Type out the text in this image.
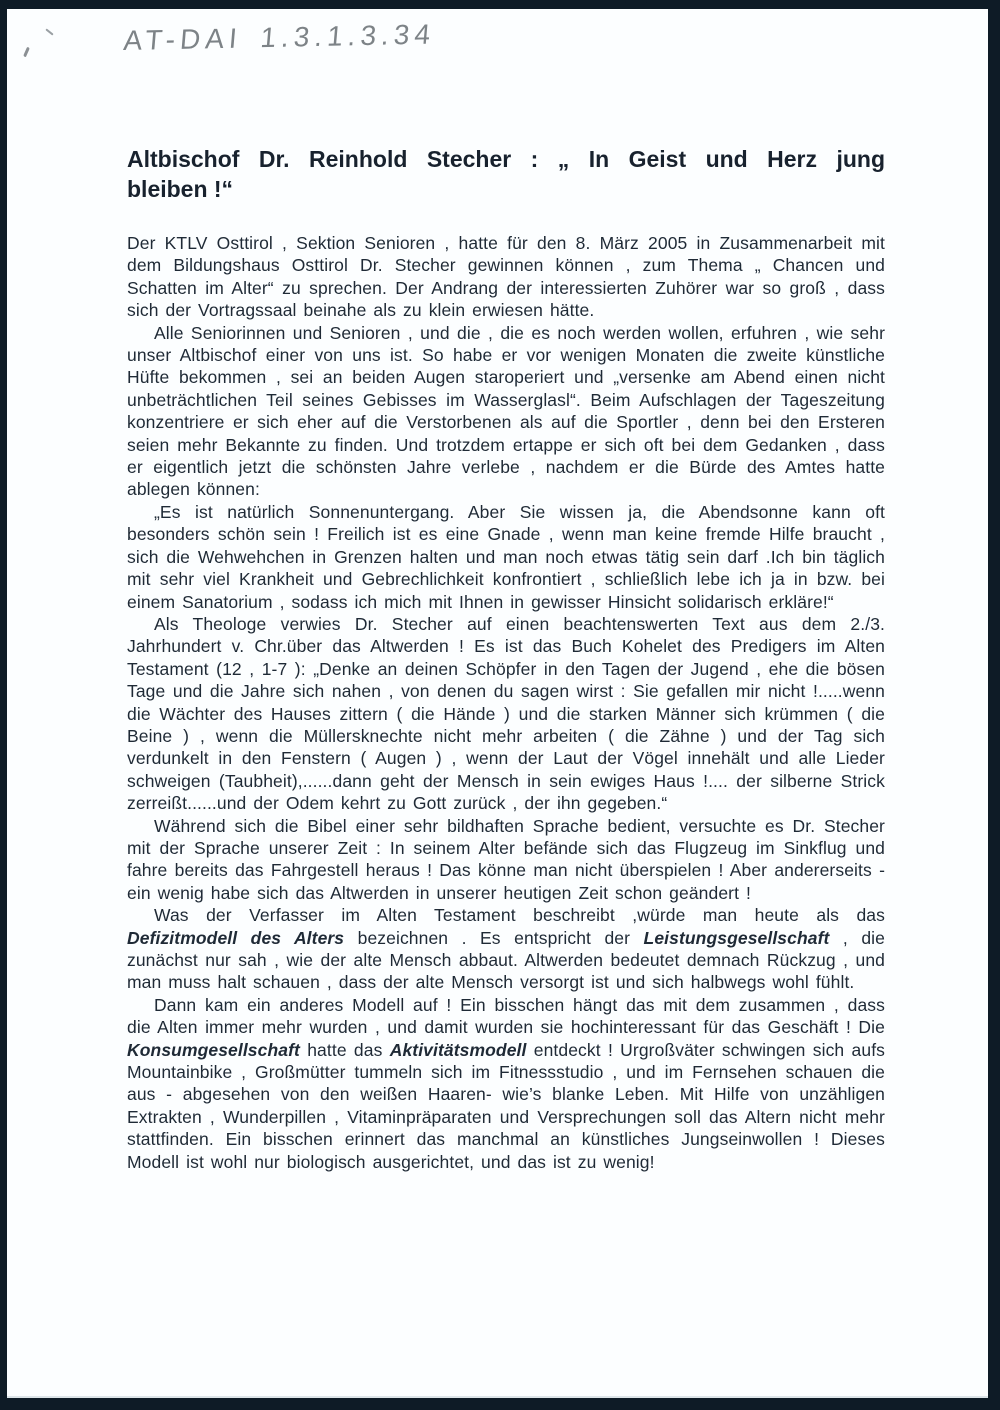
AT-DAI 1.3.1.3.34
Altbischof Dr. Reinhold Stecher : „ In Geist und Herz jung
bleiben !“

Der KTLV Osttirol , Sektion Senioren , hatte für den 8. März 2005 in Zusammenarbeit mit dem Bildungshaus Osttirol Dr. Stecher gewinnen können , zum Thema „ Chancen und Schatten im Alter“ zu sprechen. Der Andrang der interessierten Zuhörer war so groß , dass sich der Vortragssaal beinahe als zu klein erwiesen hätte.

Alle Seniorinnen und Senioren , und die , die es noch werden wollen, erfuhren , wie sehr unser Altbischof einer von uns ist. So habe er vor wenigen Monaten die zweite künstliche Hüfte bekommen , sei an beiden Augen staroperiert und „versenke am Abend einen nicht unbeträchtlichen Teil seines Gebisses im Wasserglasl“. Beim Aufschlagen der Tageszeitung konzentriere er sich eher auf die Verstorbenen als auf die Sportler , denn bei den Ersteren seien mehr Bekannte zu finden. Und trotzdem ertappe er sich oft bei dem Gedanken , dass er eigentlich jetzt die schönsten Jahre verlebe , nachdem er die Bürde des Amtes hatte ablegen können:

„Es ist natürlich Sonnenuntergang. Aber Sie wissen ja, die Abendsonne kann oft besonders schön sein ! Freilich ist es eine Gnade , wenn man keine fremde Hilfe braucht , sich die Wehwehchen in Grenzen halten und man noch etwas tätig sein darf .Ich bin täglich mit sehr viel Krankheit und Gebrechlichkeit konfrontiert , schließlich lebe ich ja in bzw. bei einem Sanatorium , sodass ich mich mit Ihnen in gewisser Hinsicht solidarisch erkläre!“

Als Theologe verwies Dr. Stecher auf einen beachtenswerten Text aus dem 2./3. Jahrhundert v. Chr.über das Altwerden ! Es ist das Buch Kohelet des Predigers im Alten Testament (12 , 1-7 ): „Denke an deinen Schöpfer in den Tagen der Jugend , ehe die bösen Tage und die Jahre sich nahen , von denen du sagen wirst : Sie gefallen mir nicht !.....wenn die Wächter des Hauses zittern ( die Hände ) und die starken Männer sich krümmen ( die Beine ) , wenn die Müllersknechte nicht mehr arbeiten ( die Zähne ) und der Tag sich verdunkelt in den Fenstern ( Augen ) , wenn der Laut der Vögel innehält und alle Lieder schweigen (Taubheit),......dann geht der Mensch in sein ewiges Haus !.... der silberne Strick zerreißt......und der Odem kehrt zu Gott zurück , der ihn gegeben.“

Während sich die Bibel einer sehr bildhaften Sprache bedient, versuchte es Dr. Stecher mit der Sprache unserer Zeit : In seinem Alter befände sich das Flugzeug im Sinkflug und fahre bereits das Fahrgestell heraus ! Das könne man nicht überspielen ! Aber andererseits - ein wenig habe sich das Altwerden in unserer heutigen Zeit schon geändert !

Was der Verfasser im Alten Testament beschreibt ,würde man heute als das Defizitmodell des Alters bezeichnen . Es entspricht der Leistungsgesellschaft , die zunächst nur sah , wie der alte Mensch abbaut. Altwerden bedeutet demnach Rückzug , und man muss halt schauen , dass der alte Mensch versorgt ist und sich halbwegs wohl fühlt.

Dann kam ein anderes Modell auf ! Ein bisschen hängt das mit dem zusammen , dass die Alten immer mehr wurden , und damit wurden sie hochinteressant für das Geschäft ! Die Konsumgesellschaft hatte das Aktivitätsmodell entdeckt ! Urgroßväter schwingen sich aufs Mountainbike , Großmütter tummeln sich im Fitnessstudio , und im Fernsehen schauen die aus - abgesehen von den weißen Haaren- wie’s blanke Leben. Mit Hilfe von unzähligen Extrakten , Wunderpillen , Vitaminpräparaten und Versprechungen soll das Altern nicht mehr stattfinden. Ein bisschen erinnert das manchmal an künstliches Jungseinwollen ! Dieses Modell ist wohl nur biologisch ausgerichtet, und das ist zu wenig!
